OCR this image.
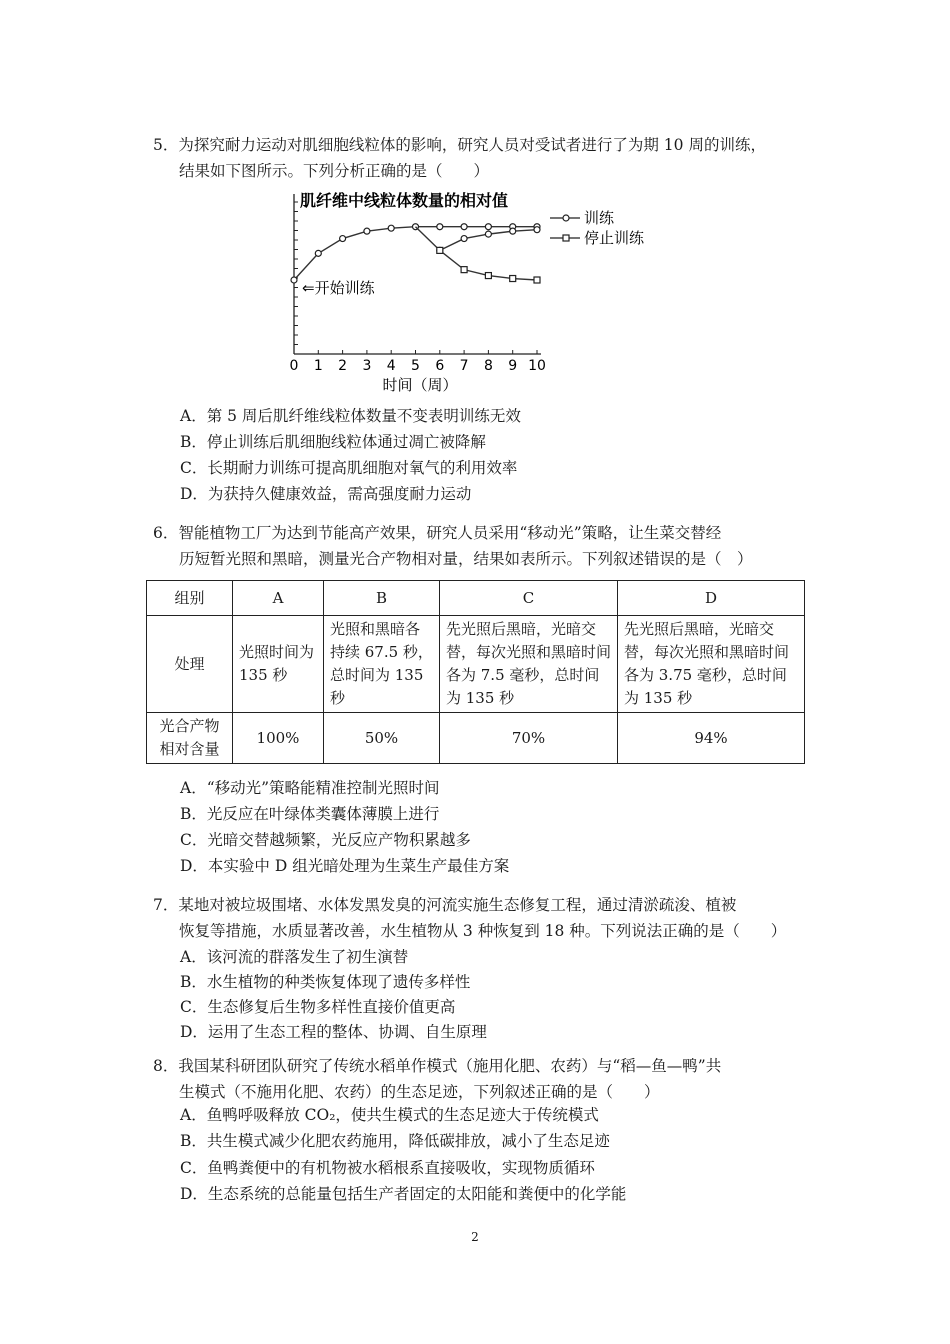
5．为探究耐力运动对肌细胞线粒体的影响，研究人员对受试者进行了为期 10 周的训练，
结果如下图所示。下列分析正确的是（　　）
肌纤维中线粒体数量的相对值
0 1 2 3 4 5 6 7 8 9 10
⇐开始训练
训练
停止训练
时间（周）
A．第 5 周后肌纤维线粒体数量不变表明训练无效
B．停止训练后肌细胞线粒体通过凋亡被降解
C．长期耐力训练可提高肌细胞对氧气的利用效率
D．为获持久健康效益，需高强度耐力运动
6．智能植物工厂为达到节能高产效果，研究人员采用“移动光”策略，让生菜交替经
历短暂光照和黑暗，测量光合产物相对量，结果如表所示。下列叙述错误的是（　）
组别	A	B	C	D
处理	光照时间为 135 秒	光照和黑暗各持续 67.5 秒，总时间为 135 秒	先光照后黑暗，光暗交替，每次光照和黑暗时间各为 7.5 毫秒，总时间为 135 秒	先光照后黑暗，光暗交替，每次光照和黑暗时间各为 3.75 毫秒，总时间为 135 秒
光合产物相对含量	100%	50%	70%	94%
A．“移动光”策略能精准控制光照时间
B．光反应在叶绿体类囊体薄膜上进行
C．光暗交替越频繁，光反应产物积累越多
D．本实验中 D 组光暗处理为生菜生产最佳方案
7．某地对被垃圾围堵、水体发黑发臭的河流实施生态修复工程，通过清淤疏浚、植被
恢复等措施，水质显著改善，水生植物从 3 种恢复到 18 种。下列说法正确的是（　　）
A．该河流的群落发生了初生演替
B．水生植物的种类恢复体现了遗传多样性
C．生态修复后生物多样性直接价值更高
D．运用了生态工程的整体、协调、自生原理
8．我国某科研团队研究了传统水稻单作模式（施用化肥、农药）与“稻—鱼—鸭”共
生模式（不施用化肥、农药）的生态足迹，下列叙述正确的是（　　）
A．鱼鸭呼吸释放 CO₂，使共生模式的生态足迹大于传统模式
B．共生模式减少化肥农药施用，降低碳排放，减小了生态足迹
C．鱼鸭粪便中的有机物被水稻根系直接吸收，实现物质循环
D．生态系统的总能量包括生产者固定的太阳能和粪便中的化学能
2
